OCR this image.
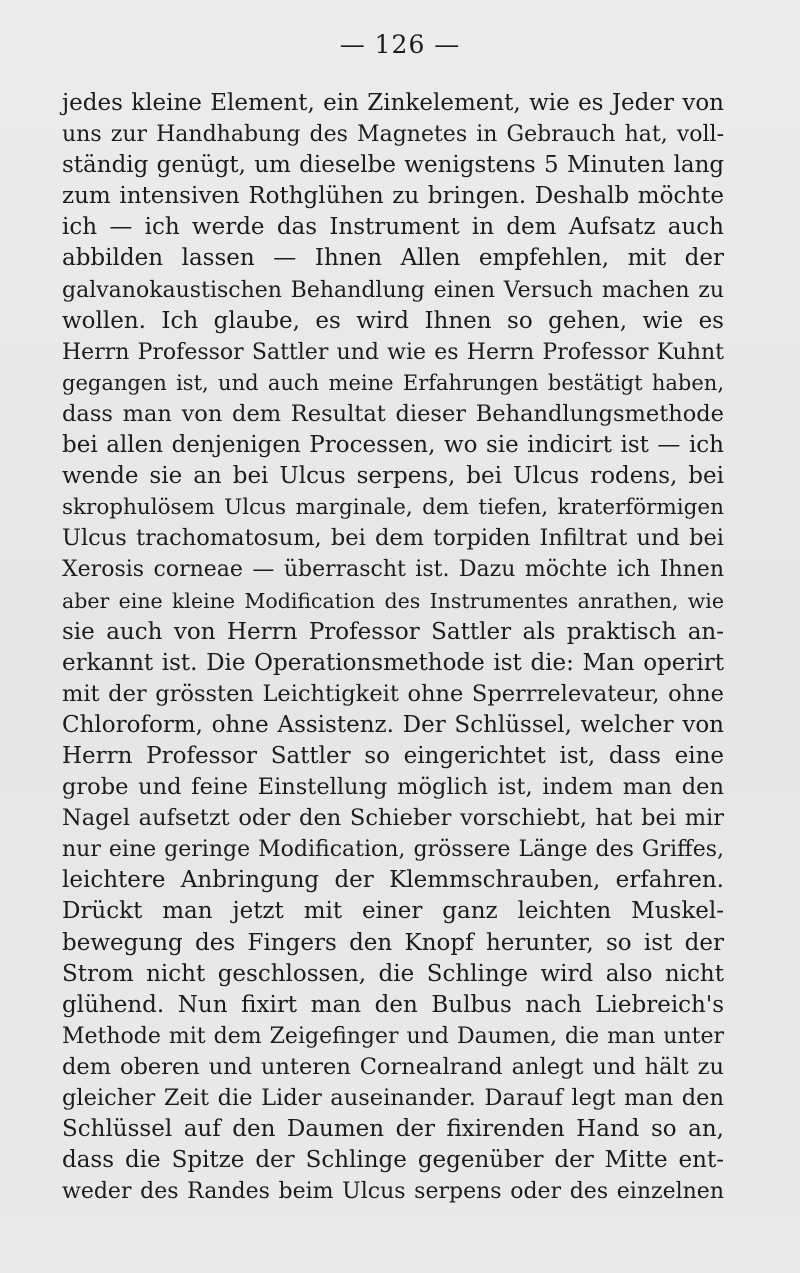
— 126 —
jedes kleine Element, ein Zinkelement, wie es Jeder von
uns zur Handhabung des Magnetes in Gebrauch hat, voll-
ständig genügt, um dieselbe wenigstens 5 Minuten lang
zum intensiven Rothglühen zu bringen. Deshalb möchte
ich — ich werde das Instrument in dem Aufsatz auch
abbilden lassen — Ihnen Allen empfehlen, mit der
galvanokaustischen Behandlung einen Versuch machen zu
wollen. Ich glaube, es wird Ihnen so gehen, wie es
Herrn Professor Sattler und wie es Herrn Professor Kuhnt
gegangen ist, und auch meine Erfahrungen bestätigt haben,
dass man von dem Resultat dieser Behandlungsmethode
bei allen denjenigen Processen, wo sie indicirt ist — ich
wende sie an bei Ulcus serpens, bei Ulcus rodens, bei
skrophulösem Ulcus marginale, dem tiefen, kraterförmigen
Ulcus trachomatosum, bei dem torpiden Infiltrat und bei
Xerosis corneae — überrascht ist. Dazu möchte ich Ihnen
aber eine kleine Modification des Instrumentes anrathen, wie
sie auch von Herrn Professor Sattler als praktisch an-
erkannt ist. Die Operationsmethode ist die: Man operirt
mit der grössten Leichtigkeit ohne Sperrrelevateur, ohne
Chloroform, ohne Assistenz. Der Schlüssel, welcher von
Herrn Professor Sattler so eingerichtet ist, dass eine
grobe und feine Einstellung möglich ist, indem man den
Nagel aufsetzt oder den Schieber vorschiebt, hat bei mir
nur eine geringe Modification, grössere Länge des Griffes,
leichtere Anbringung der Klemmschrauben, erfahren.
Drückt man jetzt mit einer ganz leichten Muskel-
bewegung des Fingers den Knopf herunter, so ist der
Strom nicht geschlossen, die Schlinge wird also nicht
glühend. Nun fixirt man den Bulbus nach Liebreich's
Methode mit dem Zeigefinger und Daumen, die man unter
dem oberen und unteren Cornealrand anlegt und hält zu
gleicher Zeit die Lider auseinander. Darauf legt man den
Schlüssel auf den Daumen der fixirenden Hand so an,
dass die Spitze der Schlinge gegenüber der Mitte ent-
weder des Randes beim Ulcus serpens oder des einzelnen
